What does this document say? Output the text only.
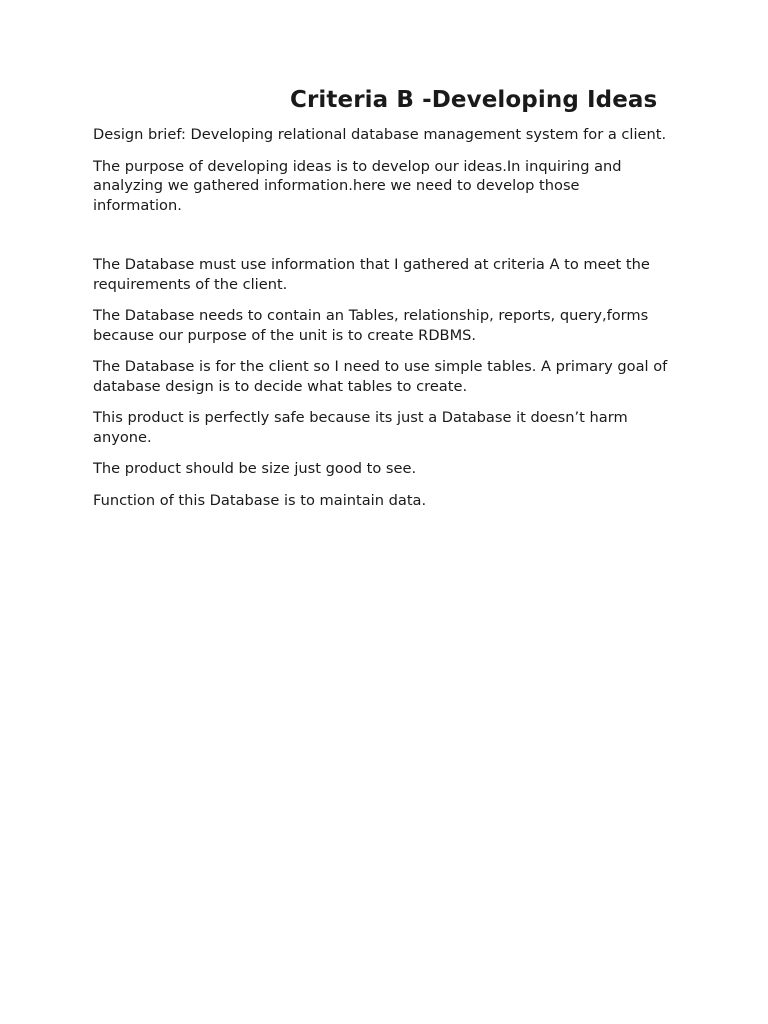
Criteria B -Developing Ideas

Design brief: Developing relational database management system for a client.

The purpose of developing ideas is to develop our ideas.In inquiring and analyzing we gathered information.here we need to develop those information.

The Database must use information that I gathered at criteria A to meet the requirements of the client.

The Database needs to contain an Tables, relationship, reports, query,forms because our purpose of the unit is to create RDBMS.

The Database is for the client so I need to use simple tables. A primary goal of database design is to decide what tables to create.

This product is perfectly safe because its just a Database it doesn’t harm anyone.

The product should be size just good to see.

Function of this Database is to maintain data.
